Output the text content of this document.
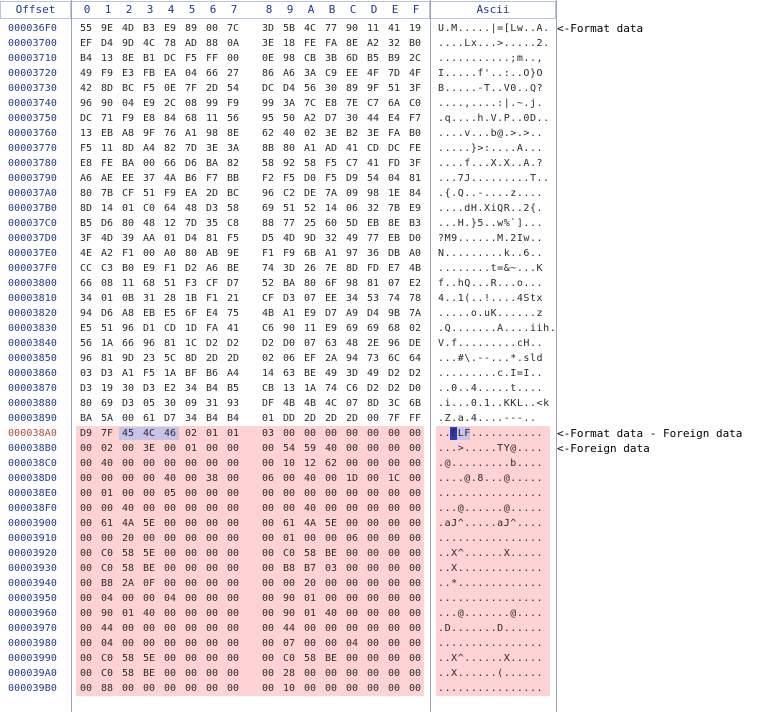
Offset	0	1	2	3	4	5	6	7	8	9	A	B	C	D	E	F	Ascii
000036F0	55 9E 4D B3 E9 89 00 7C	3D 5B 4C 77 90 11 41 19	U.M.....|=[Lw..A.
00003700	EF D4 9D 4C 78 AD 88 0A	3E 18 FE FA 8E A2 32 B0	....Lx...>.....2.
00003710	B4 13 8E B1 DC F5 FF 00	0E 98 CB 3B 6D B5 B9 2C	...........;m..,
00003720	49 F9 E3 FB EA 04 66 27	86 A6 3A C9 EE 4F 7D 4F	I.....f'..:..O}O
00003730	42 8D BC F5 0E 7F 2D 54	DC D4 56 30 89 9F 51 3F	B.....-T..V0..Q?
00003740	96 90 04 E9 2C 08 99 F9	99 3A 7C E8 7E C7 6A C0	....,....:|.~.j.
00003750	DC 71 F9 E8 84 68 11 56	95 50 A2 D7 30 44 E4 F7	.q....h.V.P..0D..
00003760	13 EB A8 9F 76 A1 98 8E	62 40 02 3E B2 3E FA B0	....v...b@.>.>..
00003770	F5 11 8D A4 82 7D 3E 3A	8B 80 A1 AD 41 CD DC FE	.....}>:....A...
00003780	E8 FE BA 00 66 D6 BA 82	58 92 58 F5 C7 41 FD 3F	....f...X.X..A.?
00003790	A6 AE EE 37 4A B6 F7 BB	F2 F5 D0 F5 D9 54 04 81	...7J.........T..
000037A0	80 7B CF 51 F9 EA 2D BC	96 C2 DE 7A 09 98 1E 84	.{.Q..-....z....
000037B0	8D 14 01 C0 64 48 D3 58	69 51 52 14 06 32 7B E9	....dH.XiQR..2{.
000037C0	B5 D6 80 48 12 7D 35 C8	88 77 25 60 5D EB 8E B3	...H.}5..w%`]...
000037D0	3F 4D 39 AA 01 D4 81 F5	D5 4D 9D 32 49 77 EB D0	?M9......M.2Iw..
000037E0	4E A2 F1 00 A0 80 AB 9E	F1 F9 6B A1 97 36 DB A0	N.........k..6..
000037F0	CC C3 B0 E9 F1 D2 A6 BE	74 3D 26 7E 8D FD E7 4B	........t=&~...K
00003800	66 08 11 68 51 F3 CF D7	52 BA 80 6F 98 81 07 E2	f..hQ...R...o...
00003810	34 01 0B 31 28 1B F1 21	CF D3 07 EE 34 53 74 78	4..1(..!....4Stx
00003820	94 D6 A8 EB E5 6F E4 75	4B A1 E9 D7 A9 D4 9B 7A	.....o.uK......z
00003830	E5 51 96 D1 CD 1D FA 41	C6 90 11 E9 69 69 68 02	.Q.......A....iih.
00003840	56 1A 66 96 81 1C D2 D2	D2 D0 07 63 48 2E 96 DE	V.f.........cH..
00003850	96 81 9D 23 5C 8D 2D 2D	02 06 EF 2A 94 73 6C 64	...#\.--...*.sld
00003860	03 D3 A1 F5 1A BF B6 A4	14 63 BE 49 3D 49 D2 D2	.........c.I=I..
00003870	D3 19 30 D3 E2 34 B4 B5	CB 13 1A 74 C6 D2 D2 D0	..0..4.....t....
00003880	80 69 D3 05 30 09 31 93	DF 4B 4B 4C 07 8D 3C 6B	.i...0.1..KKL..<k
00003890	BA 5A 00 61 D7 34 B4 B4	01 DD 2D 2D 2D 00 7F FF	.Z.a.4....---..
000038A0	D9 7F 45 4C 46 02 01 01	03 00 00 00 00 00 00 00	..ELF...........
000038B0	00 02 00 3E 00 01 00 00	00 54 59 40 00 00 00 00	...>.....TY@....
000038C0	00 40 00 00 00 00 00 00	00 10 12 62 00 00 00 00	.@.........b....
000038D0	00 00 00 00 40 00 38 00	06 00 40 00 1D 00 1C 00	....@.8...@.....
000038E0	00 01 00 00 05 00 00 00	00 00 00 00 00 00 00 00	................
000038F0	00 00 40 00 00 00 00 00	00 00 40 00 00 00 00 00	...@......@.....
00003900	00 61 4A 5E 00 00 00 00	00 61 4A 5E 00 00 00 00	.aJ^.....aJ^....
00003910	00 00 20 00 00 00 00 00	00 01 00 00 06 00 00 00	................
00003920	00 C0 58 5E 00 00 00 00	00 C0 58 BE 00 00 00 00	..X^......X.....
00003930	00 C0 58 BE 00 00 00 00	00 B8 B7 03 00 00 00 00	..X.............
00003940	00 B8 2A 0F 00 00 00 00	00 00 20 00 00 00 00 00	..*.............
00003950	00 04 00 00 04 00 00 00	00 90 01 00 00 00 00 00	................
00003960	00 90 01 40 00 00 00 00	00 90 01 40 00 00 00 00	...@.......@....
00003970	00 44 00 00 00 00 00 00	00 44 00 00 00 00 00 00	.D.......D......
00003980	00 04 00 00 00 00 00 00	00 07 00 00 04 00 00 00	................
00003990	00 C0 58 5E 00 00 00 00	00 C0 58 BE 00 00 00 00	..X^......X.....
000039A0	00 C0 58 BE 00 00 00 00	00 28 00 00 00 00 00 00	..X......(......
000039B0	00 88 00 00 00 00 00 00	00 10 00 00 00 00 00 00	................
<-Format data
<-Format data - Foreign data
<-Foreign data
